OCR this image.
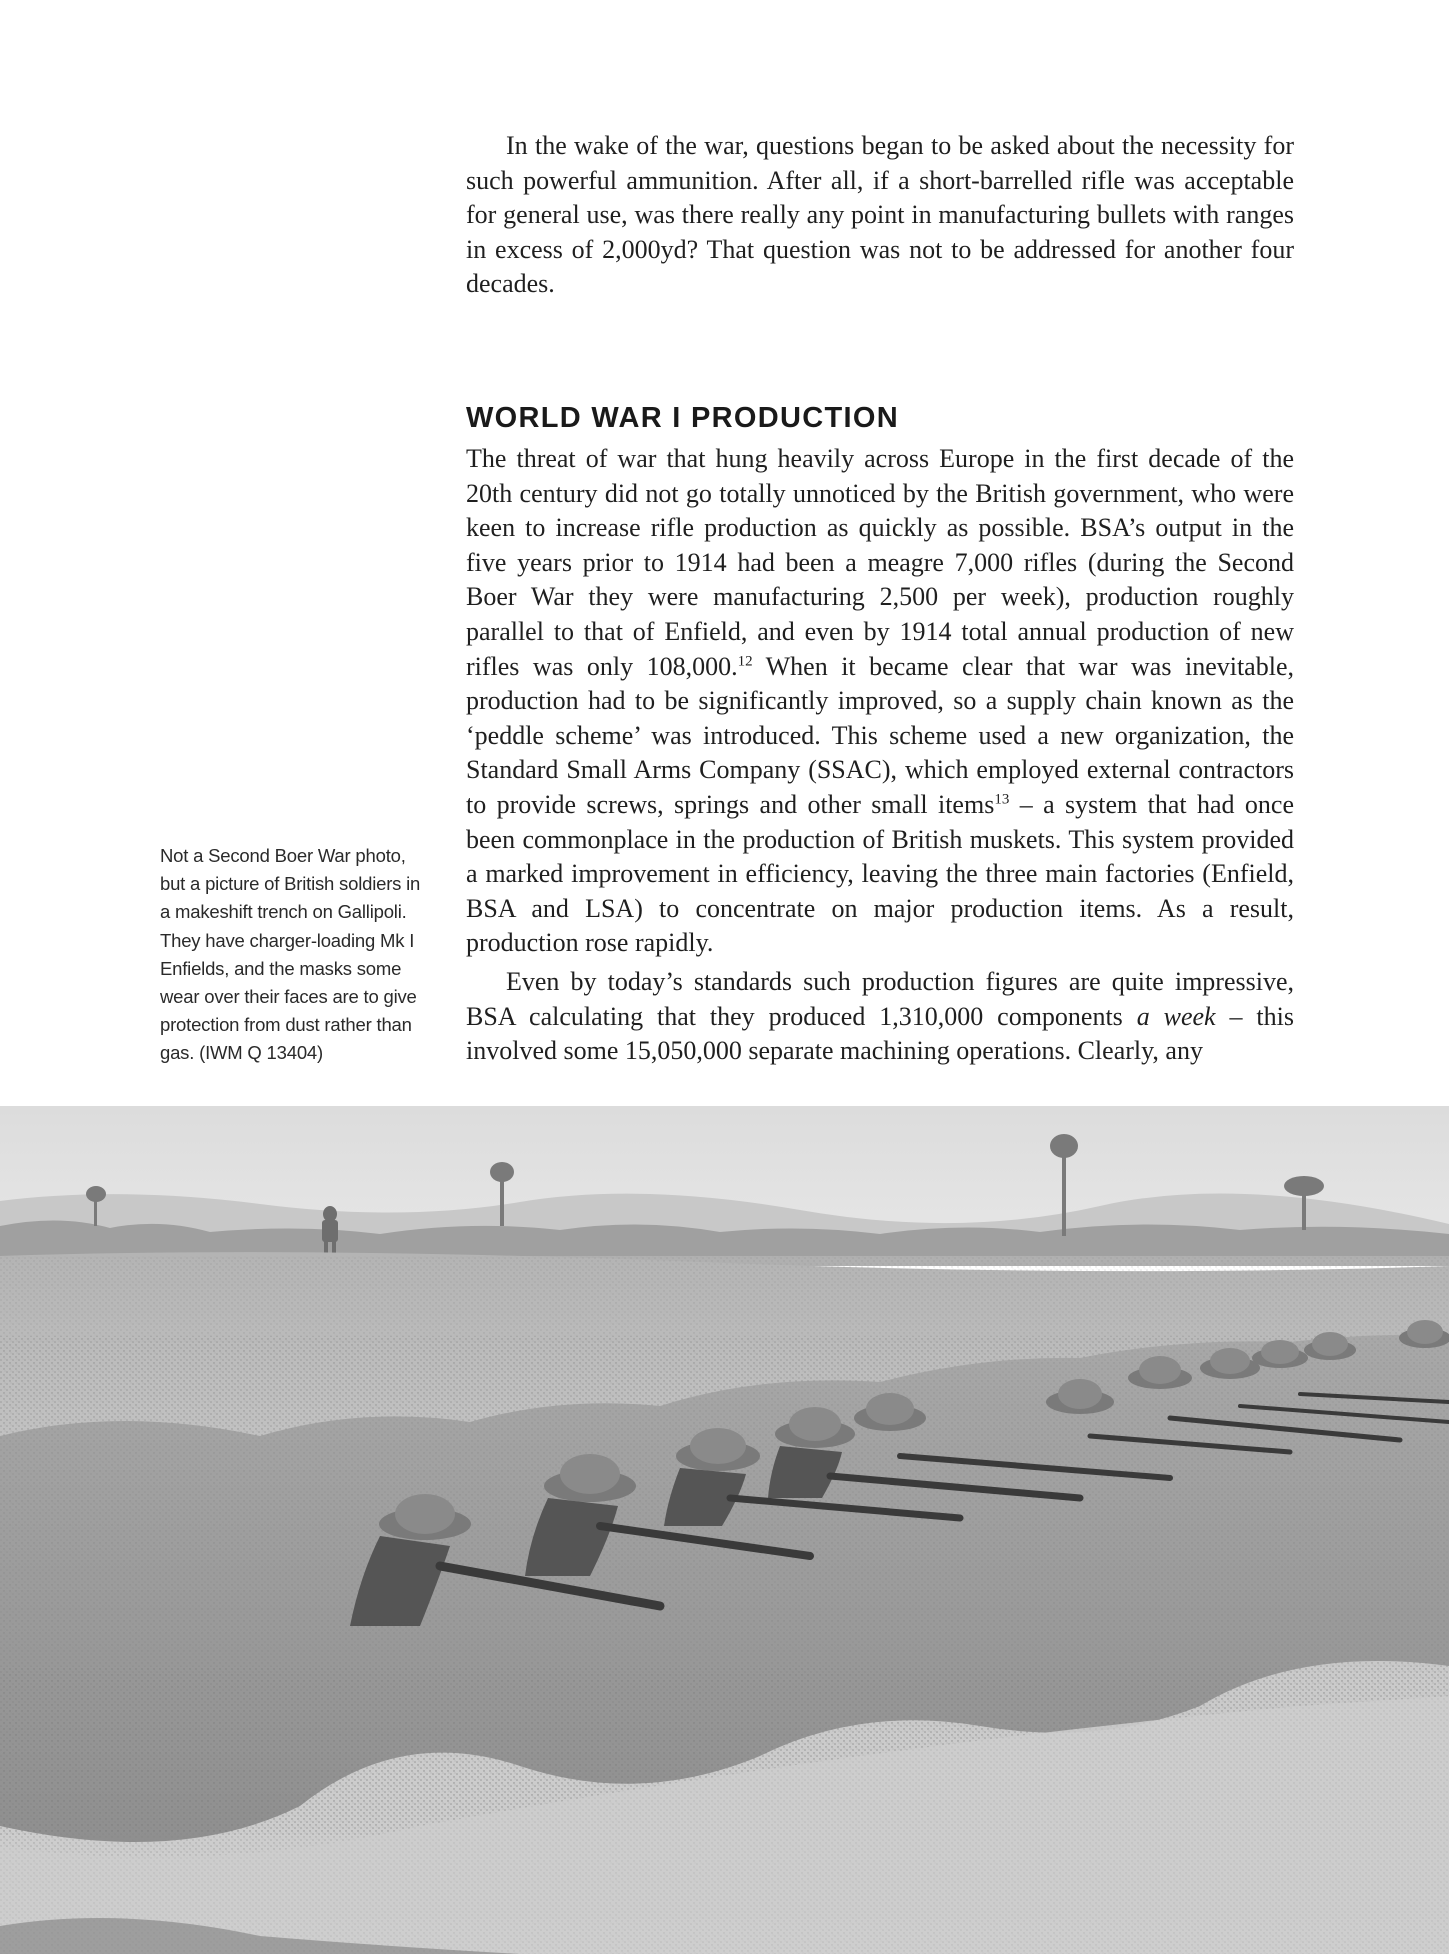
In the wake of the war, questions began to be asked about the necessity for such powerful ammunition. After all, if a short-barrelled rifle was acceptable for general use, was there really any point in manufacturing bullets with ranges in excess of 2,000yd? That question was not to be addressed for another four decades.

WORLD WAR I PRODUCTION

The threat of war that hung heavily across Europe in the first decade of the 20th century did not go totally unnoticed by the British government, who were keen to increase rifle production as quickly as possible. BSA’s output in the five years prior to 1914 had been a meagre 7,000 rifles (during the Second Boer War they were manufacturing 2,500 per week), production roughly parallel to that of Enfield, and even by 1914 total annual production of new rifles was only 108,000.12 When it became clear that war was inevitable, production had to be significantly improved, so a supply chain known as the ‘peddle scheme’ was introduced. This scheme used a new organization, the Standard Small Arms Company (SSAC), which employed external contractors to provide screws, springs and other small items$^{13}$ – a system that had once been commonplace in the production of British muskets. This system provided a marked improvement in efficiency, leaving the three main factories (Enfield, BSA and LSA) to concentrate on major production items. As a result, production rose rapidly.

Even by today’s standards such production figures are quite impressive, BSA calculating that they produced 1,310,000 components a week – this involved some 15,050,000 separate machining operations. Clearly, any

Not a Second Boer War photo, but a picture of British soldiers in a makeshift trench on Gallipoli. They have charger-loading Mk I Enfields, and the masks some wear over their faces are to give protection from dust rather than gas. (IWM Q 13404)
